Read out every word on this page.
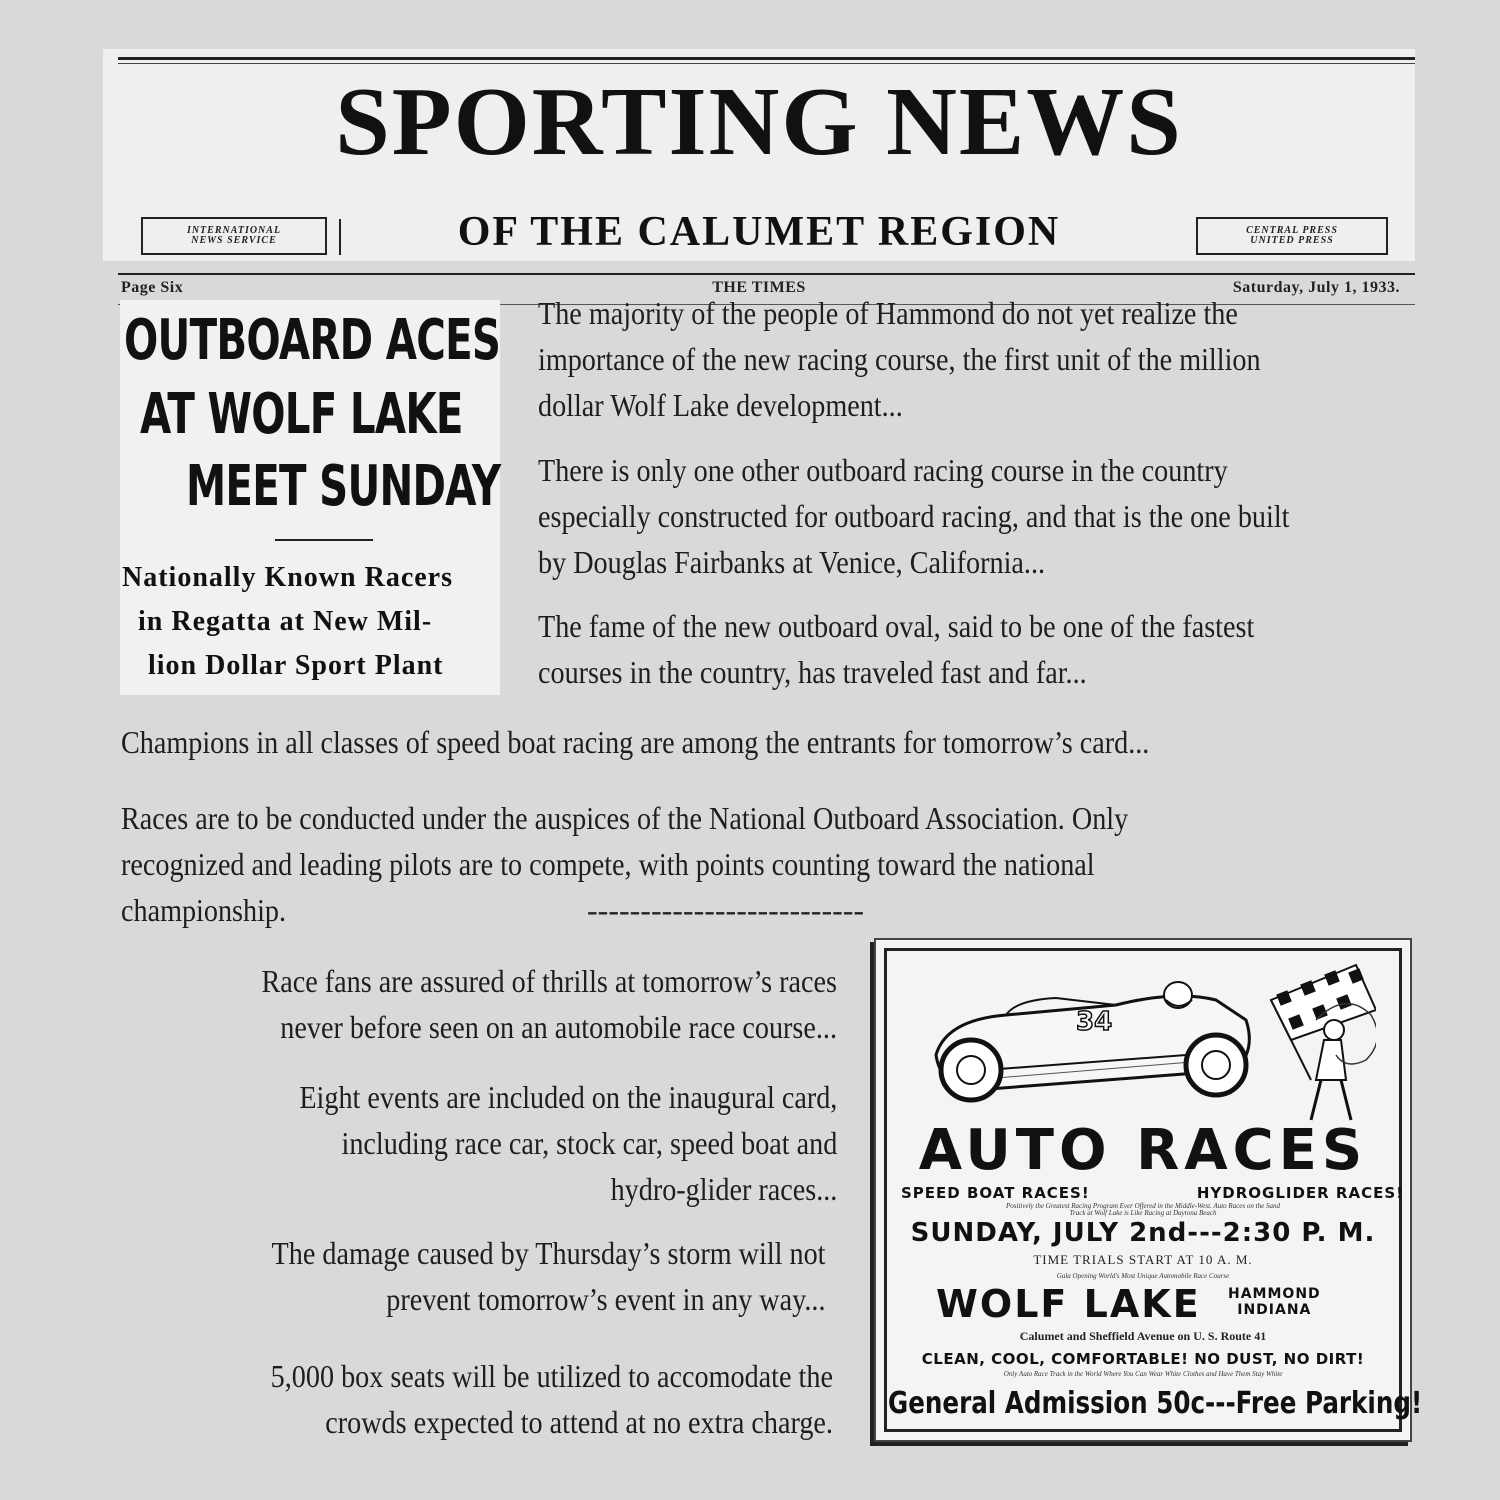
SPORTING NEWS
INTERNATIONAL NEWS SERVICE	OF THE CALUMET REGION	CENTRAL PRESS UNITED PRESS
Page Six	THE TIMES	Saturday, July 1, 1933.
OUTBOARD ACES
AT WOLF LAKE
MEET SUNDAY
Nationally Known Racers
in Regatta at New Mil-
lion Dollar Sport Plant
The majority of the people of Hammond do not yet realize the
importance of the new racing course, the first unit of the million
dollar Wolf Lake development...
There is only one other outboard racing course in the country
especially constructed for outboard racing, and that is the one built
by Douglas Fairbanks at Venice, California...
The fame of the new outboard oval, said to be one of the fastest
courses in the country, has traveled fast and far...
Champions in all classes of speed boat racing are among the entrants for tomorrow’s card...
Races are to be conducted under the auspices of the National Outboard Association. Only
recognized and leading pilots are to compete, with points counting toward the national
championship.	--------------------------
Race fans are assured of thrills at tomorrow’s races
never before seen on an automobile race course...
Eight events are included on the inaugural card,
including race car, stock car, speed boat and
hydro-glider races...
The damage caused by Thursday’s storm will not
prevent tomorrow’s event in any way...
5,000 box seats will be utilized to accomodate the
crowds expected to attend at no extra charge.
34
AUTO RACES
SPEED BOAT RACES!	HYDROGLIDER RACES!
Positively the Greatest Racing Program Ever Offered in the Middle-West. Auto Races on the Sand
Track at Wolf Lake is Like Racing at Daytona Beach
SUNDAY, JULY 2nd---2:30 P. M.
TIME TRIALS START AT 10 A. M.
Gala Opening World's Most Unique Automobile Race Course
WOLF LAKE HAMMOND
INDIANA
Calumet and Sheffield Avenue on U. S. Route 41
CLEAN, COOL, COMFORTABLE! NO DUST, NO DIRT!
Only Auto Race Track in the World Where You Can Wear White Clothes and Have Them Stay White
General Admission 50c---Free Parking!
